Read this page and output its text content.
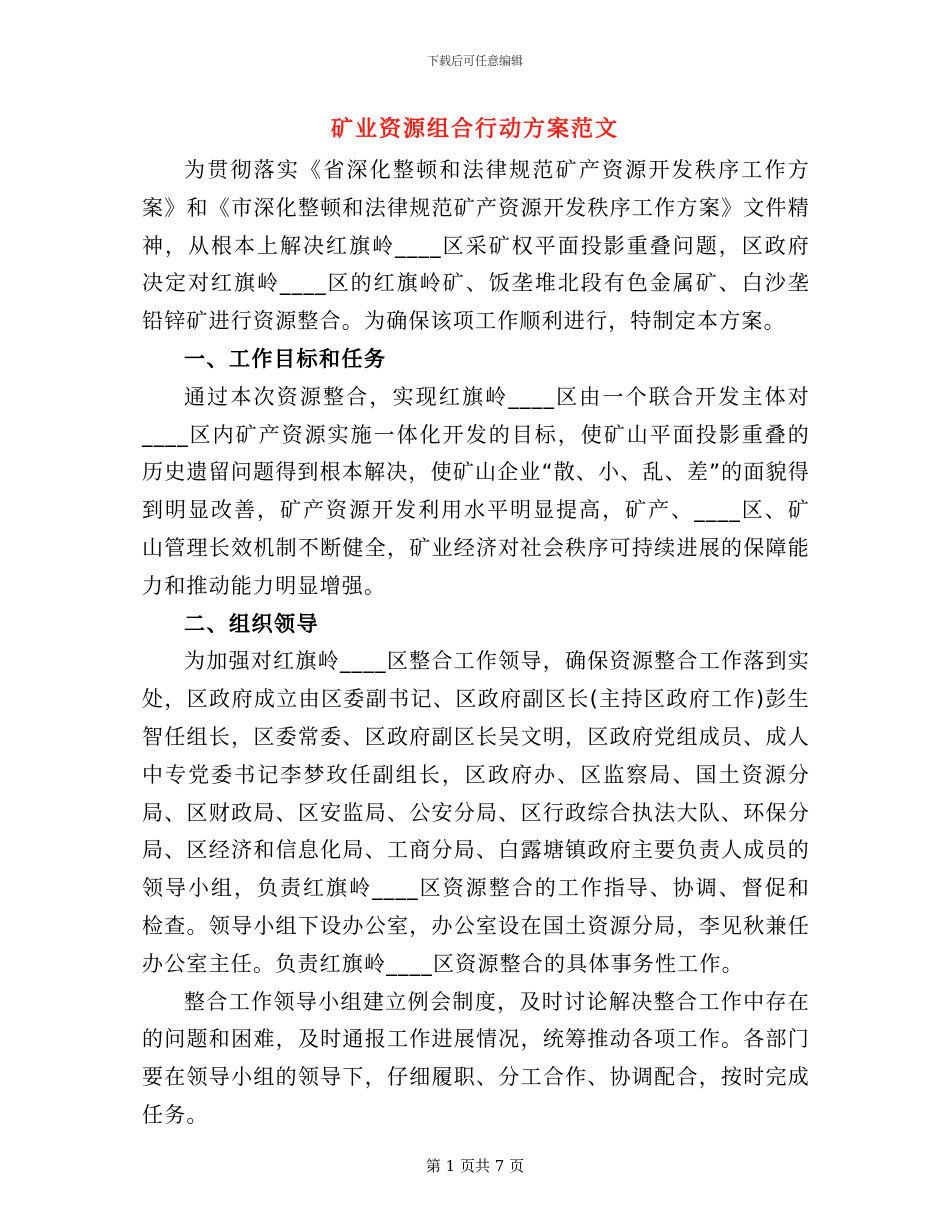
下载后可任意编辑
矿业资源组合行动方案范文

为贯彻落实《省深化整顿和法律规范矿产资源开发秩序工作方案》和《市深化整顿和法律规范矿产资源开发秩序工作方案》文件精神，从根本上解决红旗岭____区采矿权平面投影重叠问题，区政府决定对红旗岭____区的红旗岭矿、饭垄堆北段有色金属矿、白沙垄铅锌矿进行资源整合。为确保该项工作顺利进行，特制定本方案。

一、工作目标和任务

通过本次资源整合，实现红旗岭____区由一个联合开发主体对____区内矿产资源实施一体化开发的目标，使矿山平面投影重叠的历史遗留问题得到根本解决，使矿山企业“散、小、乱、差”的面貌得到明显改善，矿产资源开发利用水平明显提高，矿产、____区、矿山管理长效机制不断健全，矿业经济对社会秩序可持续进展的保障能力和推动能力明显增强。

二、组织领导

为加强对红旗岭____区整合工作领导，确保资源整合工作落到实处，区政府成立由区委副书记、区政府副区长(主持区政府工作)彭生智任组长，区委常委、区政府副区长吴文明，区政府党组成员、成人中专党委书记李梦玫任副组长，区政府办、区监察局、国土资源分局、区财政局、区安监局、公安分局、区行政综合执法大队、环保分局、区经济和信息化局、工商分局、白露塘镇政府主要负责人成员的领导小组，负责红旗岭____区资源整合的工作指导、协调、督促和检查。领导小组下设办公室，办公室设在国土资源分局，李见秋兼任办公室主任。负责红旗岭____区资源整合的具体事务性工作。

整合工作领导小组建立例会制度，及时讨论解决整合工作中存在的问题和困难，及时通报工作进展情况，统筹推动各项工作。各部门要在领导小组的领导下，仔细履职、分工合作、协调配合，按时完成任务。

第 1 页共 7 页
